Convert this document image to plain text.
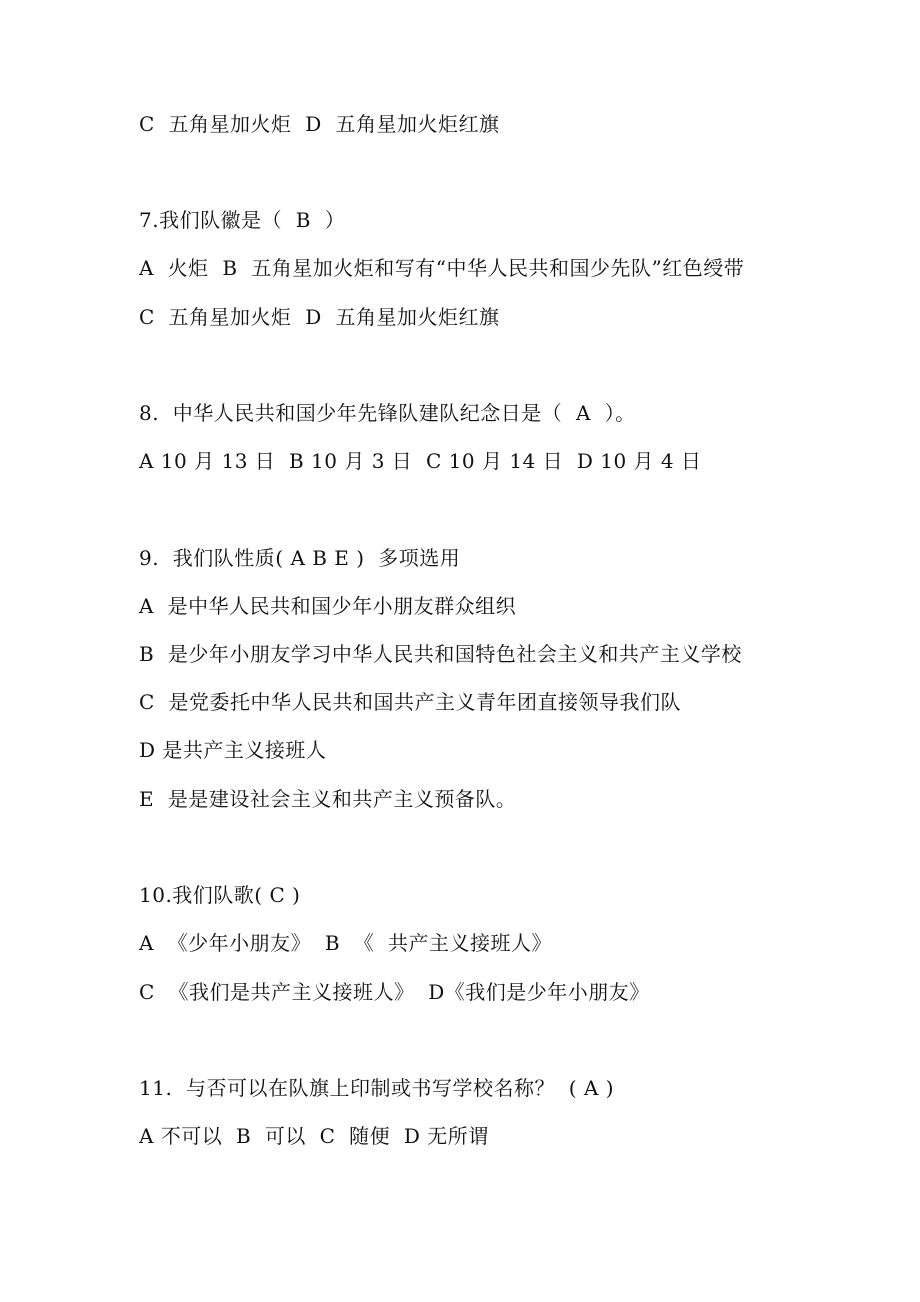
C  五角星加火炬  D  五角星加火炬红旗
7.我们队徽是（  B  ）
A  火炬  B  五角星加火炬和写有“中华人民共和国少先队”红色绶带
C  五角星加火炬  D  五角星加火炬红旗
8.  中华人民共和国少年先锋队建队纪念日是（  A  ）。
A 10 月 13 日  B 10 月 3 日  C 10 月 14 日  D 10 月 4 日
9.  我们队性质( A B E )  多项选用
A  是中华人民共和国少年小朋友群众组织
B  是少年小朋友学习中华人民共和国特色社会主义和共产主义学校
C  是党委托中华人民共和国共产主义青年团直接领导我们队
D 是共产主义接班人
E  是是建设社会主义和共产主义预备队。
10.我们队歌( C )
A  《少年小朋友》  B  《  共产主义接班人》
C  《我们是共产主义接班人》  D《我们是少年小朋友》
11.  与否可以在队旗上印制或书写学校名称？  ( A )
A 不可以  B  可以  C  随便  D 无所谓
